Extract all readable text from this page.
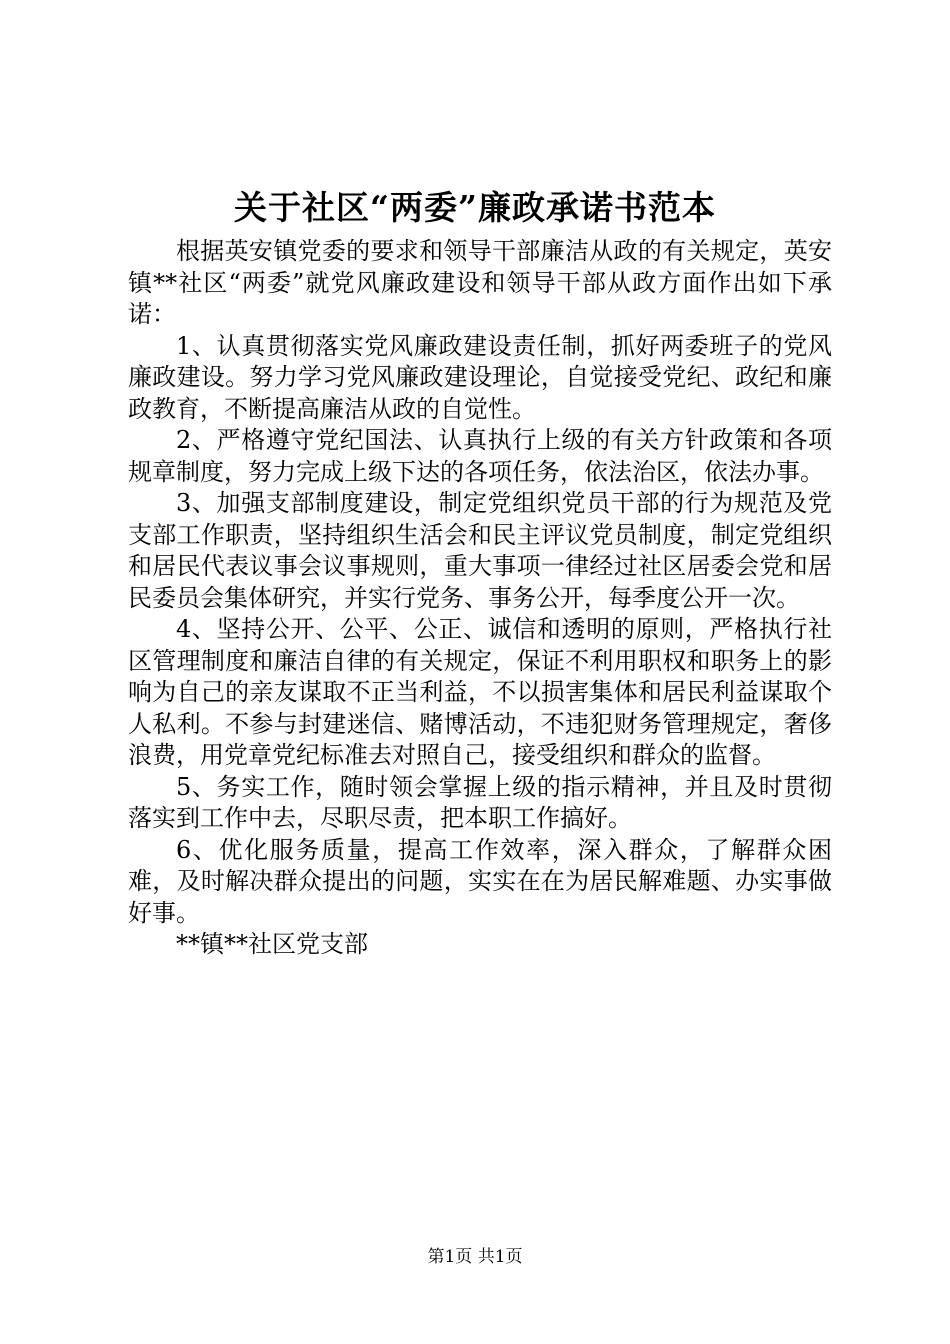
关于社区“两委”廉政承诺书范本

根据英安镇党委的要求和领导干部廉洁从政的有关规定，英安镇**社区“两委”就党风廉政建设和领导干部从政方面作出如下承诺：

1、认真贯彻落实党风廉政建设责任制，抓好两委班子的党风廉政建设。努力学习党风廉政建设理论，自觉接受党纪、政纪和廉政教育，不断提高廉洁从政的自觉性。

2、严格遵守党纪国法、认真执行上级的有关方针政策和各项规章制度，努力完成上级下达的各项任务，依法治区，依法办事。

3、加强支部制度建设，制定党组织党员干部的行为规范及党支部工作职责，坚持组织生活会和民主评议党员制度，制定党组织和居民代表议事会议事规则，重大事项一律经过社区居委会党和居民委员会集体研究，并实行党务、事务公开，每季度公开一次。

4、坚持公开、公平、公正、诚信和透明的原则，严格执行社区管理制度和廉洁自律的有关规定，保证不利用职权和职务上的影响为自己的亲友谋取不正当利益，不以损害集体和居民利益谋取个人私利。不参与封建迷信、赌博活动，不违犯财务管理规定，奢侈浪费，用党章党纪标准去对照自己，接受组织和群众的监督。

5、务实工作，随时领会掌握上级的指示精神，并且及时贯彻落实到工作中去，尽职尽责，把本职工作搞好。

6、优化服务质量，提高工作效率，深入群众，了解群众困难，及时解决群众提出的问题，实实在在为居民解难题、办实事做好事。

**镇**社区党支部

第1页 共1页
